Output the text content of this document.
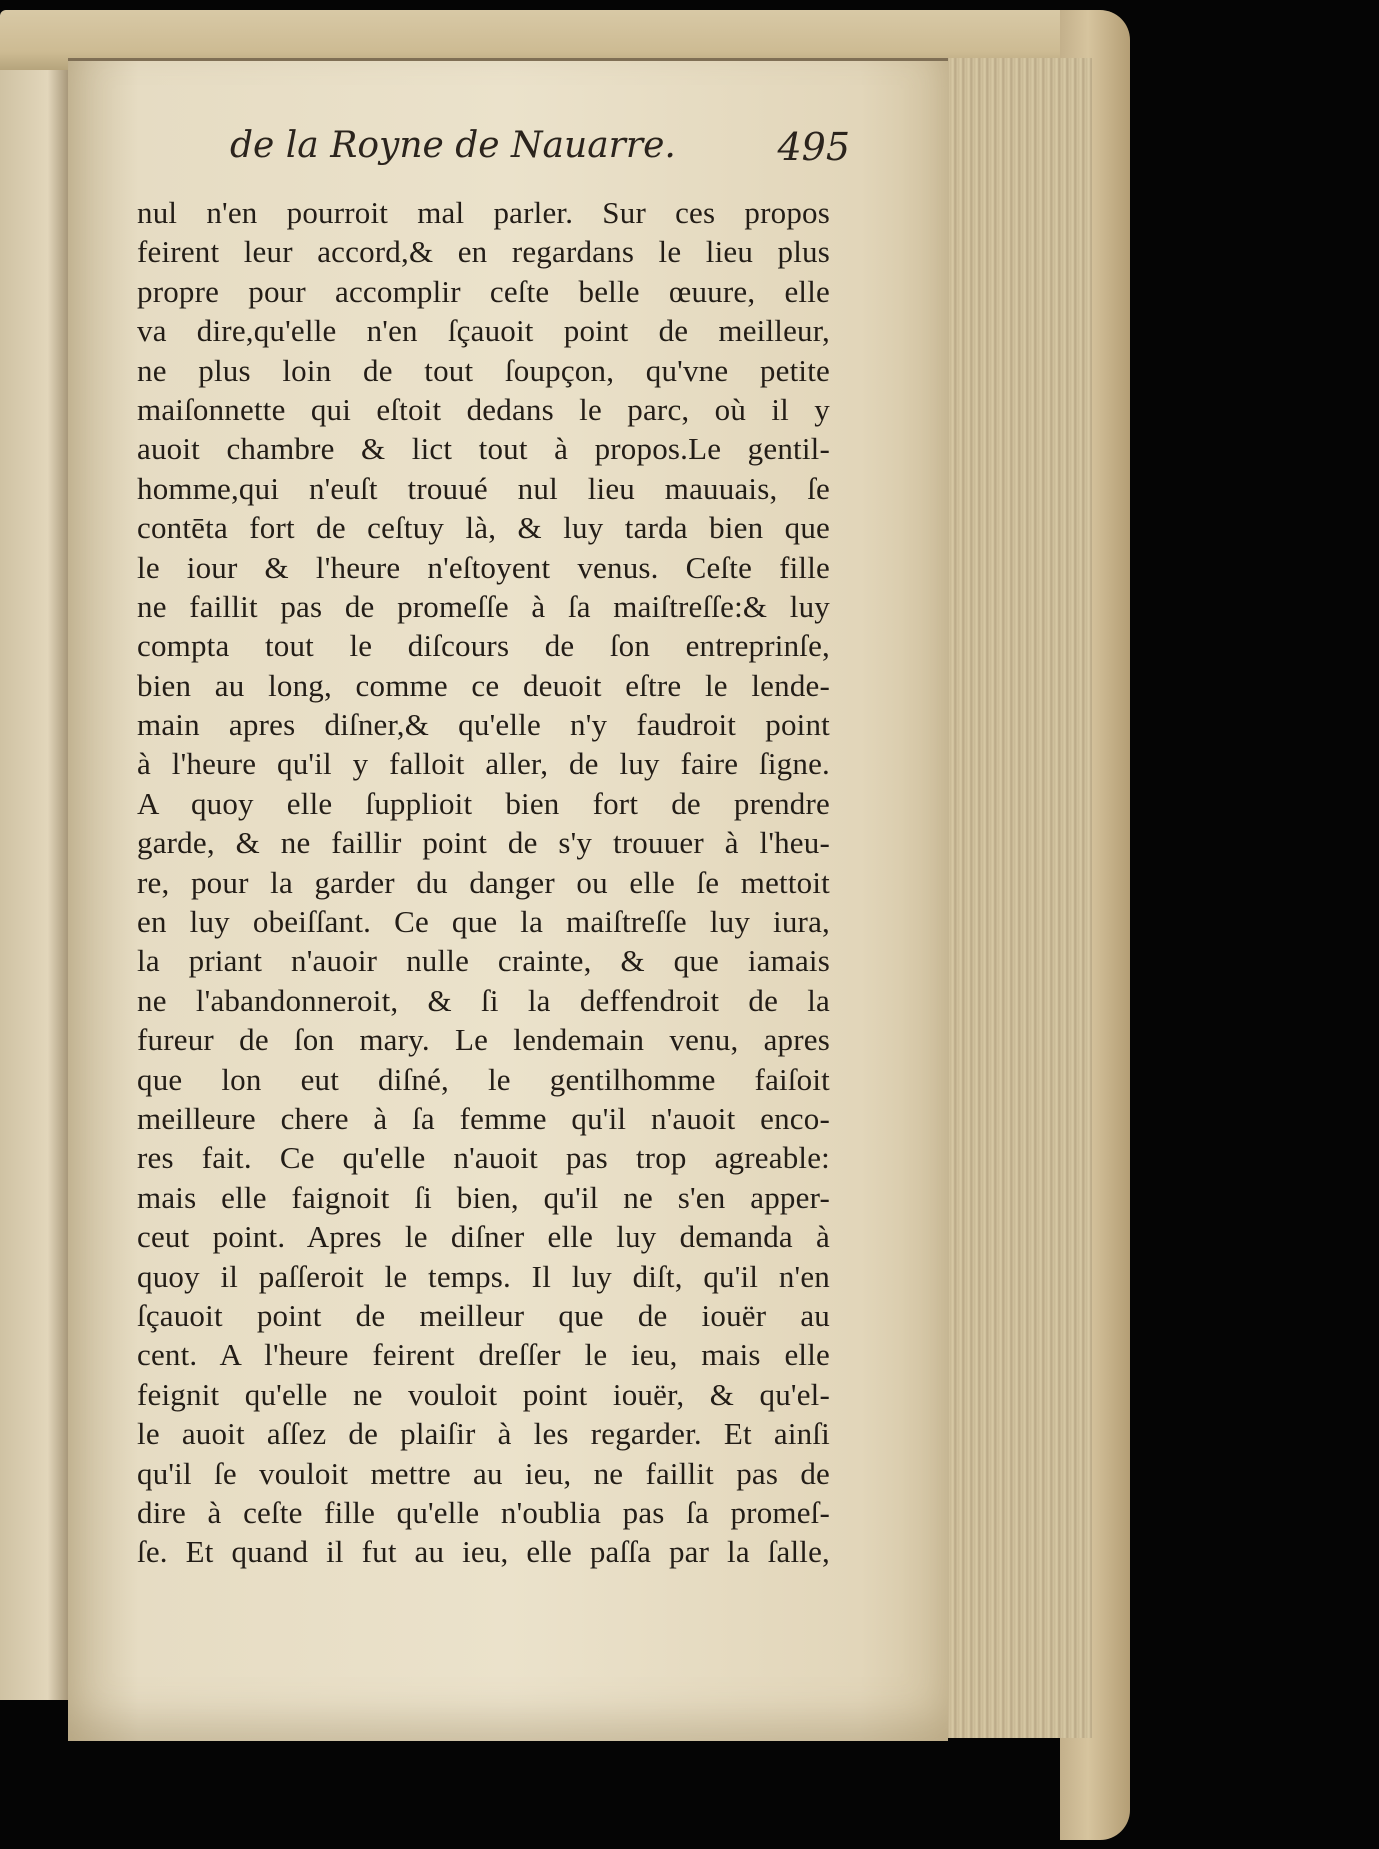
de la Royne de Nauarre.	495
nul n'en pourroit mal parler. Sur ces propos
feirent leur accord,& en regardans le lieu plus
propre pour accomplir ceſte belle œuure, elle
va dire,qu'elle n'en ſçauoit point de meilleur,
ne plus loin de tout ſoupçon, qu'vne petite
maiſonnette qui eſtoit dedans le parc, où il y
auoit chambre & lict tout à propos.Le gentil-
homme,qui n'euſt trouué nul lieu mauuais, ſe
contēta fort de ceſtuy là, & luy tarda bien que
le iour & l'heure n'eſtoyent venus. Ceſte fille
ne faillit pas de promeſſe à ſa maiſtreſſe:& luy
compta tout le diſcours de ſon entreprinſe,
bien au long, comme ce deuoit eſtre le lende-
main apres diſner,& qu'elle n'y faudroit point
à l'heure qu'il y falloit aller, de luy faire ſigne.
A quoy elle ſupplioit bien fort de prendre
garde, & ne faillir point de s'y trouuer à l'heu-
re, pour la garder du danger ou elle ſe mettoit
en luy obeiſſant. Ce que la maiſtreſſe luy iura,
la priant n'auoir nulle crainte, & que iamais
ne l'abandonneroit, & ſi la deffendroit de la
fureur de ſon mary. Le lendemain venu, apres
que lon eut diſné, le gentilhomme faiſoit
meilleure chere à ſa femme qu'il n'auoit enco-
res fait. Ce qu'elle n'auoit pas trop agreable:
mais elle faignoit ſi bien, qu'il ne s'en apper-
ceut point. Apres le diſner elle luy demanda à
quoy il paſſeroit le temps. Il luy diſt, qu'il n'en
ſçauoit point de meilleur que de iouër au
cent. A l'heure feirent dreſſer le ieu, mais elle
feignit qu'elle ne vouloit point iouër, & qu'el-
le auoit aſſez de plaiſir à les regarder. Et ainſi
qu'il ſe vouloit mettre au ieu, ne faillit pas de
dire à ceſte fille qu'elle n'oublia pas ſa promeſ-
ſe. Et quand il fut au ieu, elle paſſa par la ſalle,
